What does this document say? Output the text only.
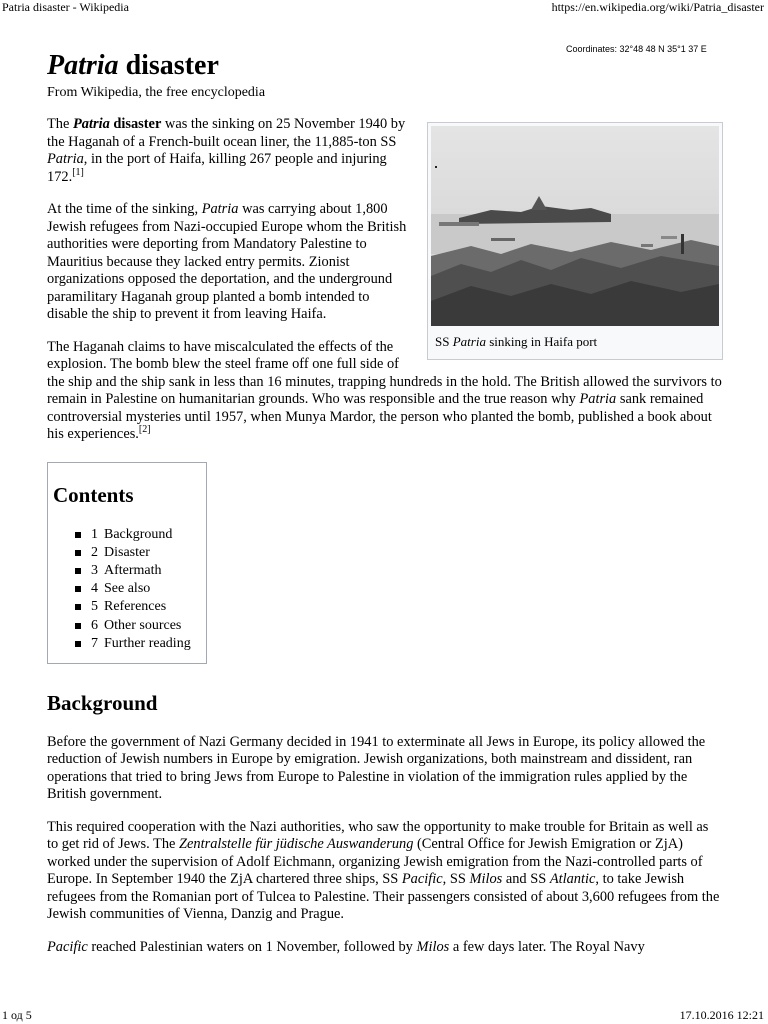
Patria disaster - Wikipedia	https://en.wikipedia.org/wiki/Patria_disaster
Coordinates: 32°48 48 N 35°1 37 E
Patria disaster
From Wikipedia, the free encyclopedia
SS Patria sinking in Haifa port

The Patria disaster was the sinking on 25 November 1940 by the Haganah of a French-built ocean liner, the 11,885-ton SS Patria, in the port of Haifa, killing 267 people and injuring 172.[1]

At the time of the sinking, Patria was carrying about 1,800 Jewish refugees from Nazi-occupied Europe whom the British authorities were deporting from Mandatory Palestine to Mauritius because they lacked entry permits. Zionist organizations opposed the deportation, and the underground paramilitary Haganah group planted a bomb intended to disable the ship to prevent it from leaving Haifa.

The Haganah claims to have miscalculated the effects of the explosion. The bomb blew the steel frame off one full side of the ship and the ship sank in less than 16 minutes, trapping hundreds in the hold. The British allowed the survivors to remain in Palestine on humanitarian grounds. Who was responsible and the true reason why Patria sank remained controversial mysteries until 1957, when Munya Mardor, the person who planted the bomb, published a book about his experiences.[2]

Contents
1 Background
2 Disaster
3 Aftermath
4 See also
5 References
6 Other sources
7 Further reading
Background

Before the government of Nazi Germany decided in 1941 to exterminate all Jews in Europe, its policy allowed the reduction of Jewish numbers in Europe by emigration. Jewish organizations, both mainstream and dissident, ran operations that tried to bring Jews from Europe to Palestine in violation of the immigration rules applied by the British government.

This required cooperation with the Nazi authorities, who saw the opportunity to make trouble for Britain as well as to get rid of Jews. The Zentralstelle für jüdische Auswanderung (Central Office for Jewish Emigration or ZjA) worked under the supervision of Adolf Eichmann, organizing Jewish emigration from the Nazi-controlled parts of Europe. In September 1940 the ZjA chartered three ships, SS Pacific, SS Milos and SS Atlantic, to take Jewish refugees from the Romanian port of Tulcea to Palestine. Their passengers consisted of about 3,600 refugees from the Jewish communities of Vienna, Danzig and Prague.

Pacific reached Palestinian waters on 1 November, followed by Milos a few days later. The Royal Navy

1 од 5	17.10.2016 12:21
